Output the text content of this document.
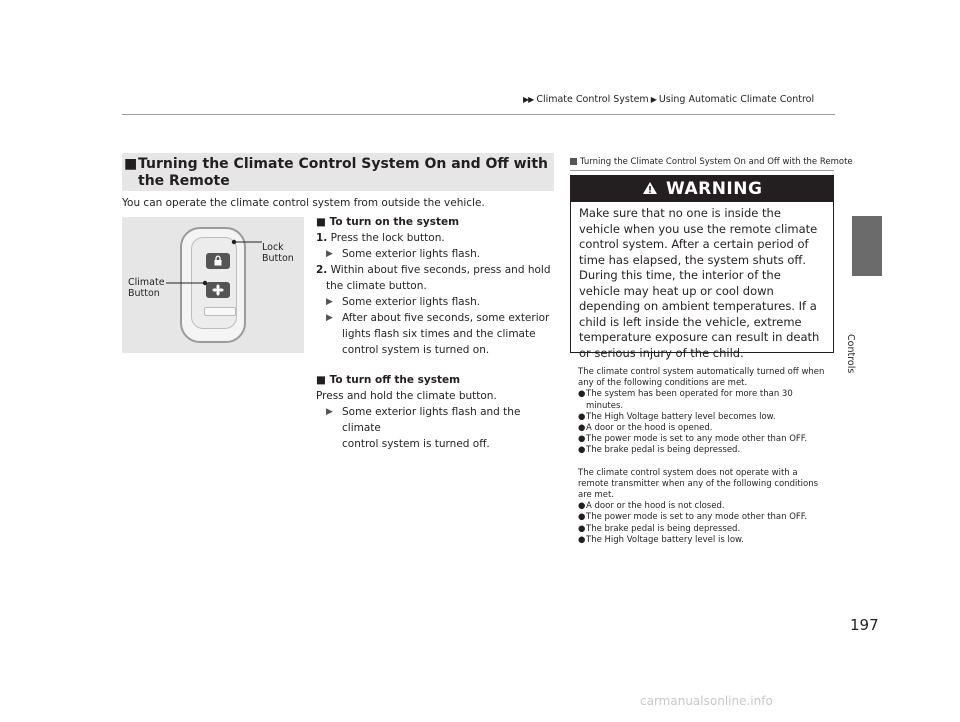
▶▶ Climate Control System ▶ Using Automatic Climate Control
Controls
■ Turning the Climate Control System On and Off with the Remote
You can operate the climate control system from outside the vehicle.
Lock
Button
Climate
Button
■ To turn on the system
1. Press the lock button.
▶ Some exterior lights flash.
2. Within about five seconds, press and hold
the climate button.
▶ Some exterior lights flash.
▶ After about five seconds, some exterior
lights flash six times and the climate
control system is turned on.
■ To turn off the system
Press and hold the climate button.
▶ Some exterior lights flash and the climate
control system is turned off.
Turning the Climate Control System On and Off with the Remote
WARNING
Make sure that no one is inside the vehicle when you use the remote climate control system. After a certain period of time has elapsed, the system shuts off. During this time, the interior of the vehicle may heat up or cool down depending on ambient temperatures. If a child is left inside the vehicle, extreme temperature exposure can result in death or serious injury of the child.

The climate control system automatically turned off when any of the following conditions are met.

● The system has been operated for more than 30 minutes.
● The High Voltage battery level becomes low.
● A door or the hood is opened.
● The power mode is set to any mode other than OFF.
● The brake pedal is being depressed.

The climate control system does not operate with a remote transmitter when any of the following conditions are met.

● A door or the hood is not closed.
● The power mode is set to any mode other than OFF.
● The brake pedal is being depressed.
● The High Voltage battery level is low.
197
carmanualsonline.info
